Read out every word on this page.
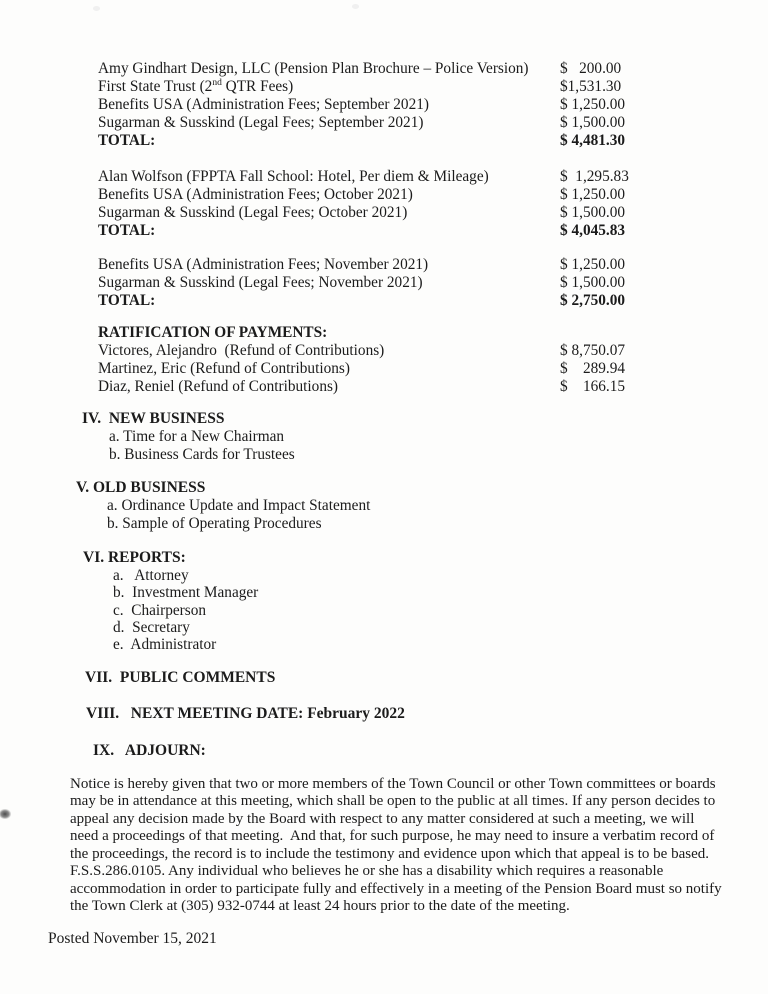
Amy Gindhart Design, LLC (Pension Plan Brochure – Police Version)	$   200.00
First State Trust (2nd QTR Fees)	$1,531.30
Benefits USA (Administration Fees; September 2021)	$ 1,250.00
Sugarman & Susskind (Legal Fees; September 2021)	$ 1,500.00
TOTAL:	$ 4,481.30
Alan Wolfson (FPPTA Fall School: Hotel, Per diem & Mileage)	$  1,295.83
Benefits USA (Administration Fees; October 2021)	$ 1,250.00
Sugarman & Susskind (Legal Fees; October 2021)	$ 1,500.00
TOTAL:	$ 4,045.83
Benefits USA (Administration Fees; November 2021)	$ 1,250.00
Sugarman & Susskind (Legal Fees; November 2021)	$ 1,500.00
TOTAL:	$ 2,750.00
RATIFICATION OF PAYMENTS:
Victores, Alejandro  (Refund of Contributions)	$ 8,750.07
Martinez, Eric (Refund of Contributions)	$    289.94
Diaz, Reniel (Refund of Contributions)	$    166.15
IV.  NEW BUSINESS
a. Time for a New Chairman
b. Business Cards for Trustees
V. OLD BUSINESS
a. Ordinance Update and Impact Statement
b. Sample of Operating Procedures
VI. REPORTS:
a.   Attorney
b.  Investment Manager
c.  Chairperson
d.  Secretary
e.  Administrator
VII.  PUBLIC COMMENTS
VIII.   NEXT MEETING DATE: February 2022
IX.   ADJOURN:
Notice is hereby given that two or more members of the Town Council or other Town committees or boards
may be in attendance at this meeting, which shall be open to the public at all times. If any person decides to
appeal any decision made by the Board with respect to any matter considered at such a meeting, we will
need a proceedings of that meeting.  And that, for such purpose, he may need to insure a verbatim record of
the proceedings, the record is to include the testimony and evidence upon which that appeal is to be based.
F.S.S.286.0105. Any individual who believes he or she has a disability which requires a reasonable
accommodation in order to participate fully and effectively in a meeting of the Pension Board must so notify
the Town Clerk at (305) 932-0744 at least 24 hours prior to the date of the meeting.
Posted November 15, 2021
